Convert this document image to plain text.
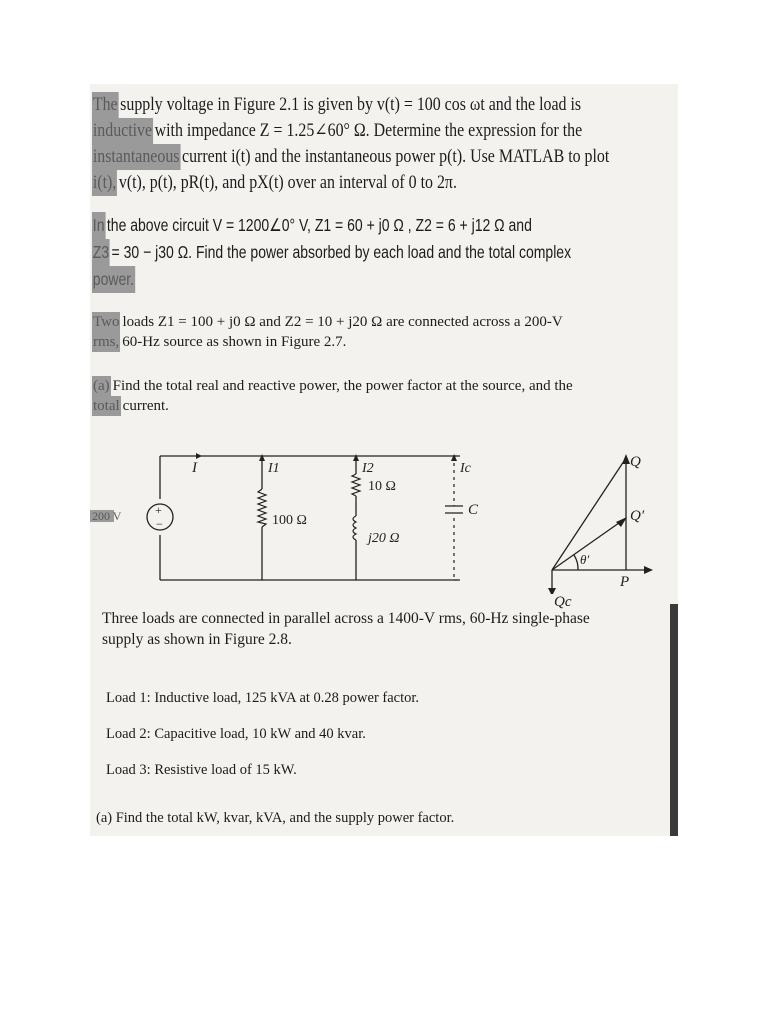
The supply voltage in Figure 2.1 is given by v(t) = 100 cos ωt and the load is
inductive with impedance Z = 1.25∠60° Ω. Determine the expression for the
instantaneous current i(t) and the instantaneous power p(t). Use MATLAB to plot
i(t), v(t), p(t), pR(t), and pX(t) over an interval of 0 to 2π.
In the above circuit V = 1200∠0° V, Z1 = 60 + j0 Ω , Z2 = 6 + j12 Ω and
Z3 = 30 − j30 Ω. Find the power absorbed by each load and the total complex
power.
Two loads Z1 = 100 + j0 Ω and Z2 = 10 + j20 Ω are connected across a 200-V
rms, 60-Hz source as shown in Figure 2.7.
(a) Find the total real and reactive power, the power factor at the source, and the
total current.
200 V	+
−
I	I1	I2	Ic
100 Ω
10 Ω
j20 Ω
C
Q
Q′
P
θ′
Qc
Three loads are connected in parallel across a 1400-V rms, 60-Hz single-phase
supply as shown in Figure 2.8.
Load 1: Inductive load, 125 kVA at 0.28 power factor.
Load 2: Capacitive load, 10 kW and 40 kvar.
Load 3: Resistive load of 15 kW.
(a) Find the total kW, kvar, kVA, and the supply power factor.
